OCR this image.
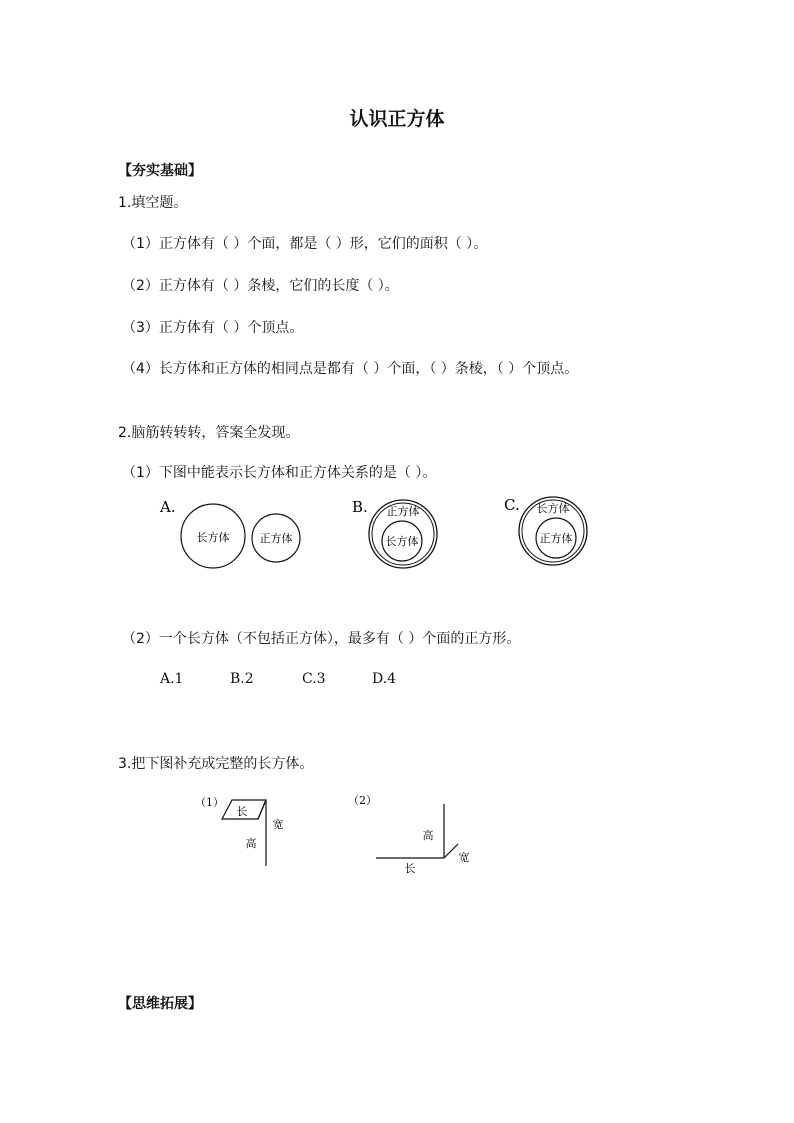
认识正方体
【夯实基础】
1.填空题。
（1）正方体有（ ）个面，都是（ ）形，它们的面积（ ）。
（2）正方体有（ ）条棱，它们的长度（ ）。
（3）正方体有（ ）个顶点。
（4）长方体和正方体的相同点是都有（ ）个面，（ ）条棱，（ ）个顶点。
2.脑筋转转转，答案全发现。
（1）下图中能表示长方体和正方体关系的是（ ）。
A.
长方体	正方体
B. 正方体
长方体
C. 长方体
正方体
（2）一个长方体（不包括正方体），最多有（ ）个面的正方形。
A.1	B.2	C.3	D.4
3.把下图补充成完整的长方体。
（1）
长
宽
高
（2）
高
长
宽
【思维拓展】
